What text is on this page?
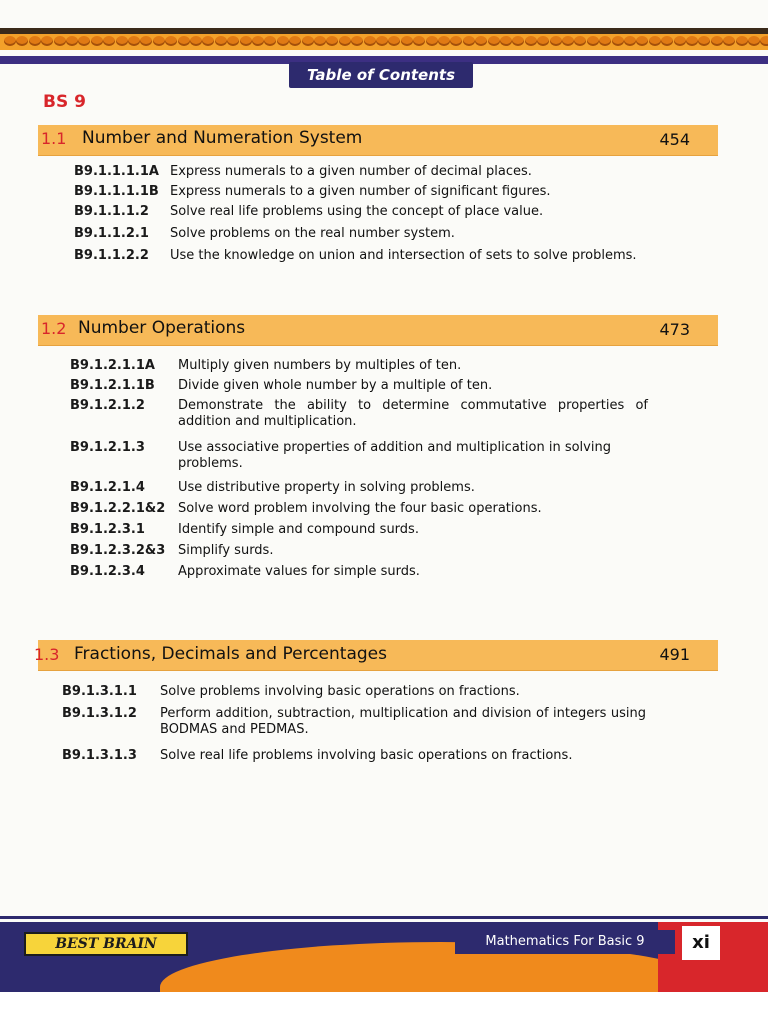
Table of Contents
BS 9
1.1 Number and Numeration System	454
B9.1.1.1.1A Express numerals to a given number of decimal places.
B9.1.1.1.1B Express numerals to a given number of significant figures.
B9.1.1.1.2 Solve real life problems using the concept of place value.
B9.1.1.2.1 Solve problems on the real number system.
B9.1.1.2.2 Use the knowledge on union and intersection of sets to solve problems.
1.2 Number Operations	473
B9.1.2.1.1A Multiply given numbers by multiples of ten.
B9.1.2.1.1B Divide given whole number by a multiple of ten.
B9.1.2.1.2	Demonstrate the ability to determine commutative properties of addition and multiplication.
B9.1.2.1.3	Use associative properties of addition and multiplication in solving problems.
B9.1.2.1.4	Use distributive property in solving problems.
B9.1.2.2.1&2 Solve word problem involving the four basic operations.
B9.1.2.3.1	Identify simple and compound surds.
B9.1.2.3.2&3 Simplify surds.
B9.1.2.3.4	Approximate values for simple surds.
1.3 Fractions, Decimals and Percentages	491
B9.1.3.1.1 Solve problems involving basic operations on fractions.
B9.1.3.1.2 Perform addition, subtraction, multiplication and division of integers using BODMAS and PEDMAS.
B9.1.3.1.3 Solve real life problems involving basic operations on fractions.
BEST BRAIN	Mathematics For Basic 9	xi
